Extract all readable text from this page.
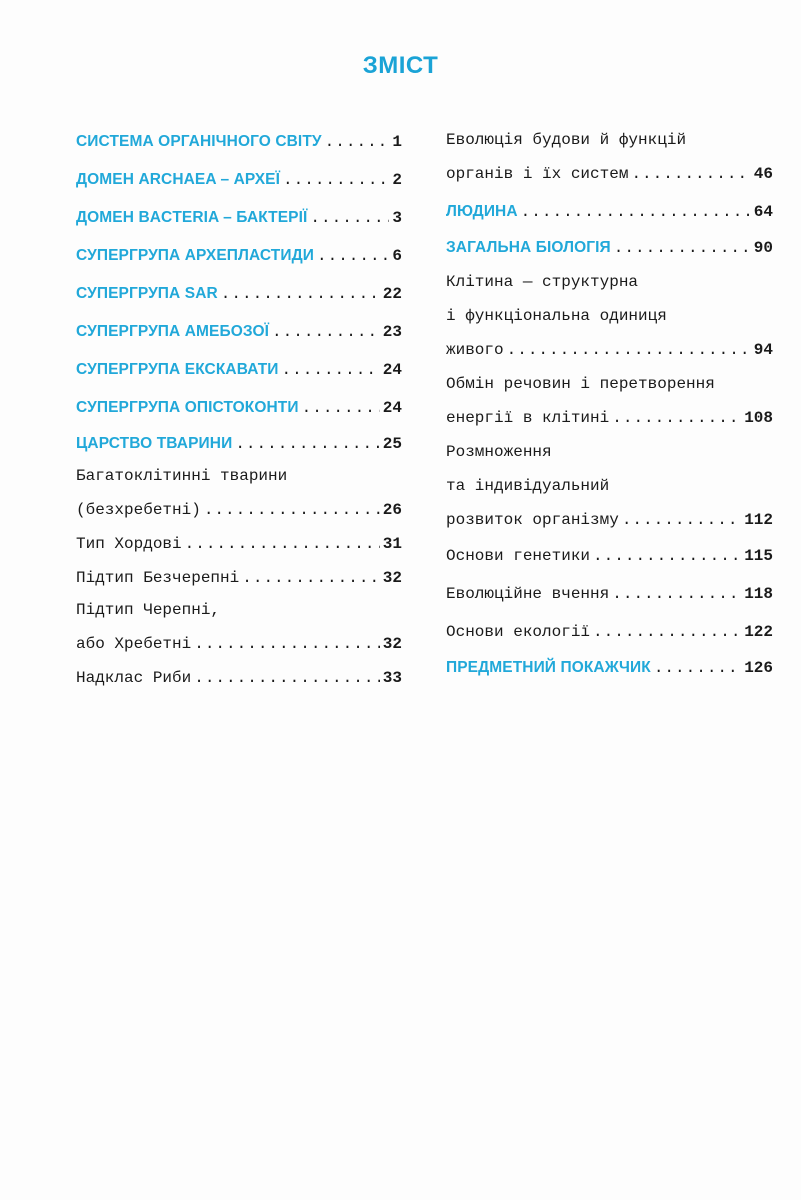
ЗМІСТ
СИСТЕМА ОРГАНІЧНОГО СВІТУ .....	1
ДОМЕН ARCHAEA – АРХЕЇ .....	2
ДОМЕН BACTERIA – БАКТЕРІЇ .....	3
СУПЕРГРУПА АРХЕПЛАСТИДИ .....	6
СУПЕРГРУПА SAR .....	22
СУПЕРГРУПА АМЕБОЗОЇ .....	23
СУПЕРГРУПА ЕКСКАВАТИ .....	24
СУПЕРГРУПА ОПІСТОКОНТИ .....	24
ЦАРСТВО ТВАРИНИ .....	25
Багатоклітинні тварини
(безхребетні) .....	26
Тип Хордові .....	31
Підтип Безчерепні .....	32
Підтип Черепні,
або Хребетні .....	32
Надклас Риби .....	33
Еволюція будови й функцій
органів і їх систем .....	46
ЛЮДИНА .....	64
ЗАГАЛЬНА БІОЛОГІЯ .....	90
Клітина — структурна
і функціональна одиниця
живого .....	94
Обмін речовин і перетворення
енергії в клітині .....	108
Розмноження
та індивідуальний
розвиток організму .....	112
Основи генетики .....	115
Еволюційне вчення .....	118
Основи екології .....	122
ПРЕДМЕТНИЙ ПОКАЖЧИК .....	126
